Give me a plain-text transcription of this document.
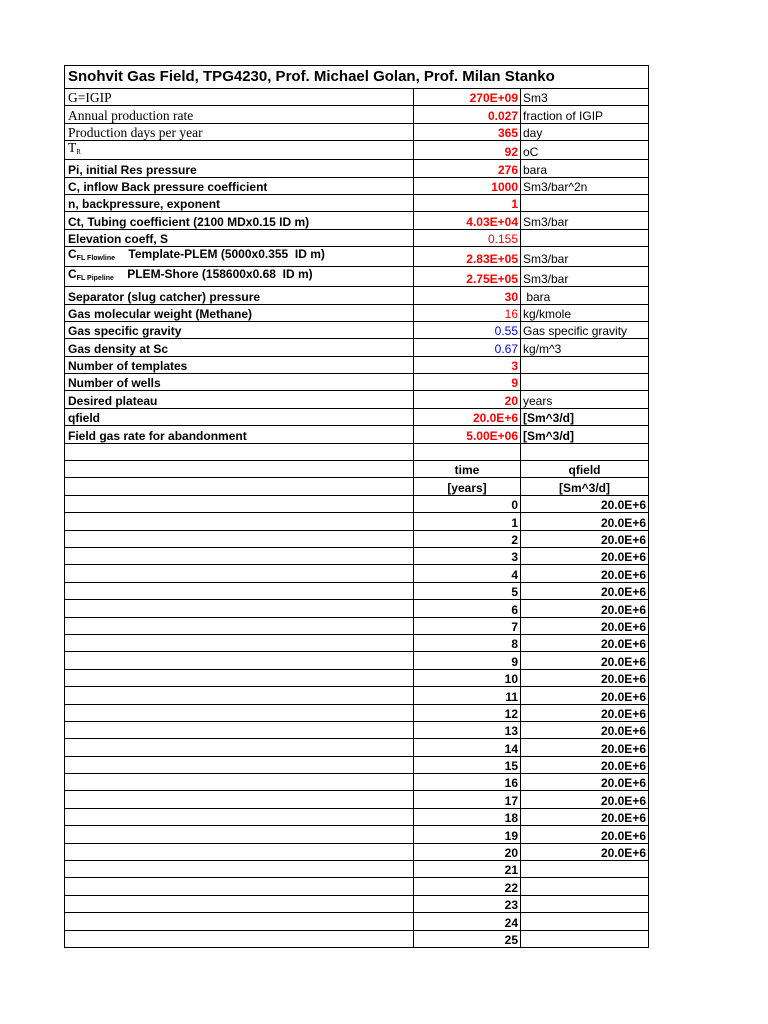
Snohvit Gas Field, TPG4230, Prof. Michael Golan, Prof. Milan Stanko		
G=IGIP	270E+09	Sm3
Annual production rate	0.027	fraction of IGIP
Production days per year	365	day
$T_R$	92	oC
Pi, initial Res pressure	276	bara
C, inflow Back pressure coefficient	1000	Sm3/bar^2n
n, backpressure, exponent	1	
Ct, Tubing coefficient (2100 MDx0.15 ID m)	4.03E+04	Sm3/bar
Elevation coeff, S	0.155	
$C_{FL Flowline}$    Template-PLEM (5000x0.355  ID m)	2.83E+05	Sm3/bar
$C_{FL Pipeline}$    PLEM-Shore (158600x0.68  ID m)	2.75E+05	Sm3/bar
Separator (slug catcher) pressure	30	bara
Gas molecular weight (Methane)	16	kg/kmole
Gas specific gravity	0.55	Gas specific gravity
Gas density at Sc	0.67	kg/m^3
Number of templates	3	
Number of wells	9	
Desired plateau	20	years
qfield	20.0E+6	[Sm^3/d]
Field gas rate for abandonment	5.00E+06	[Sm^3/d]

	time	qfield
	[years]	[Sm^3/d]
	0	20.0E+6
	1	20.0E+6
	2	20.0E+6
	3	20.0E+6
	4	20.0E+6
	5	20.0E+6
	6	20.0E+6
	7	20.0E+6
	8	20.0E+6
	9	20.0E+6
	10	20.0E+6
	11	20.0E+6
	12	20.0E+6
	13	20.0E+6
	14	20.0E+6
	15	20.0E+6
	16	20.0E+6
	17	20.0E+6
	18	20.0E+6
	19	20.0E+6
	20	20.0E+6
	21	
	22	
	23	
	24	
	25	
